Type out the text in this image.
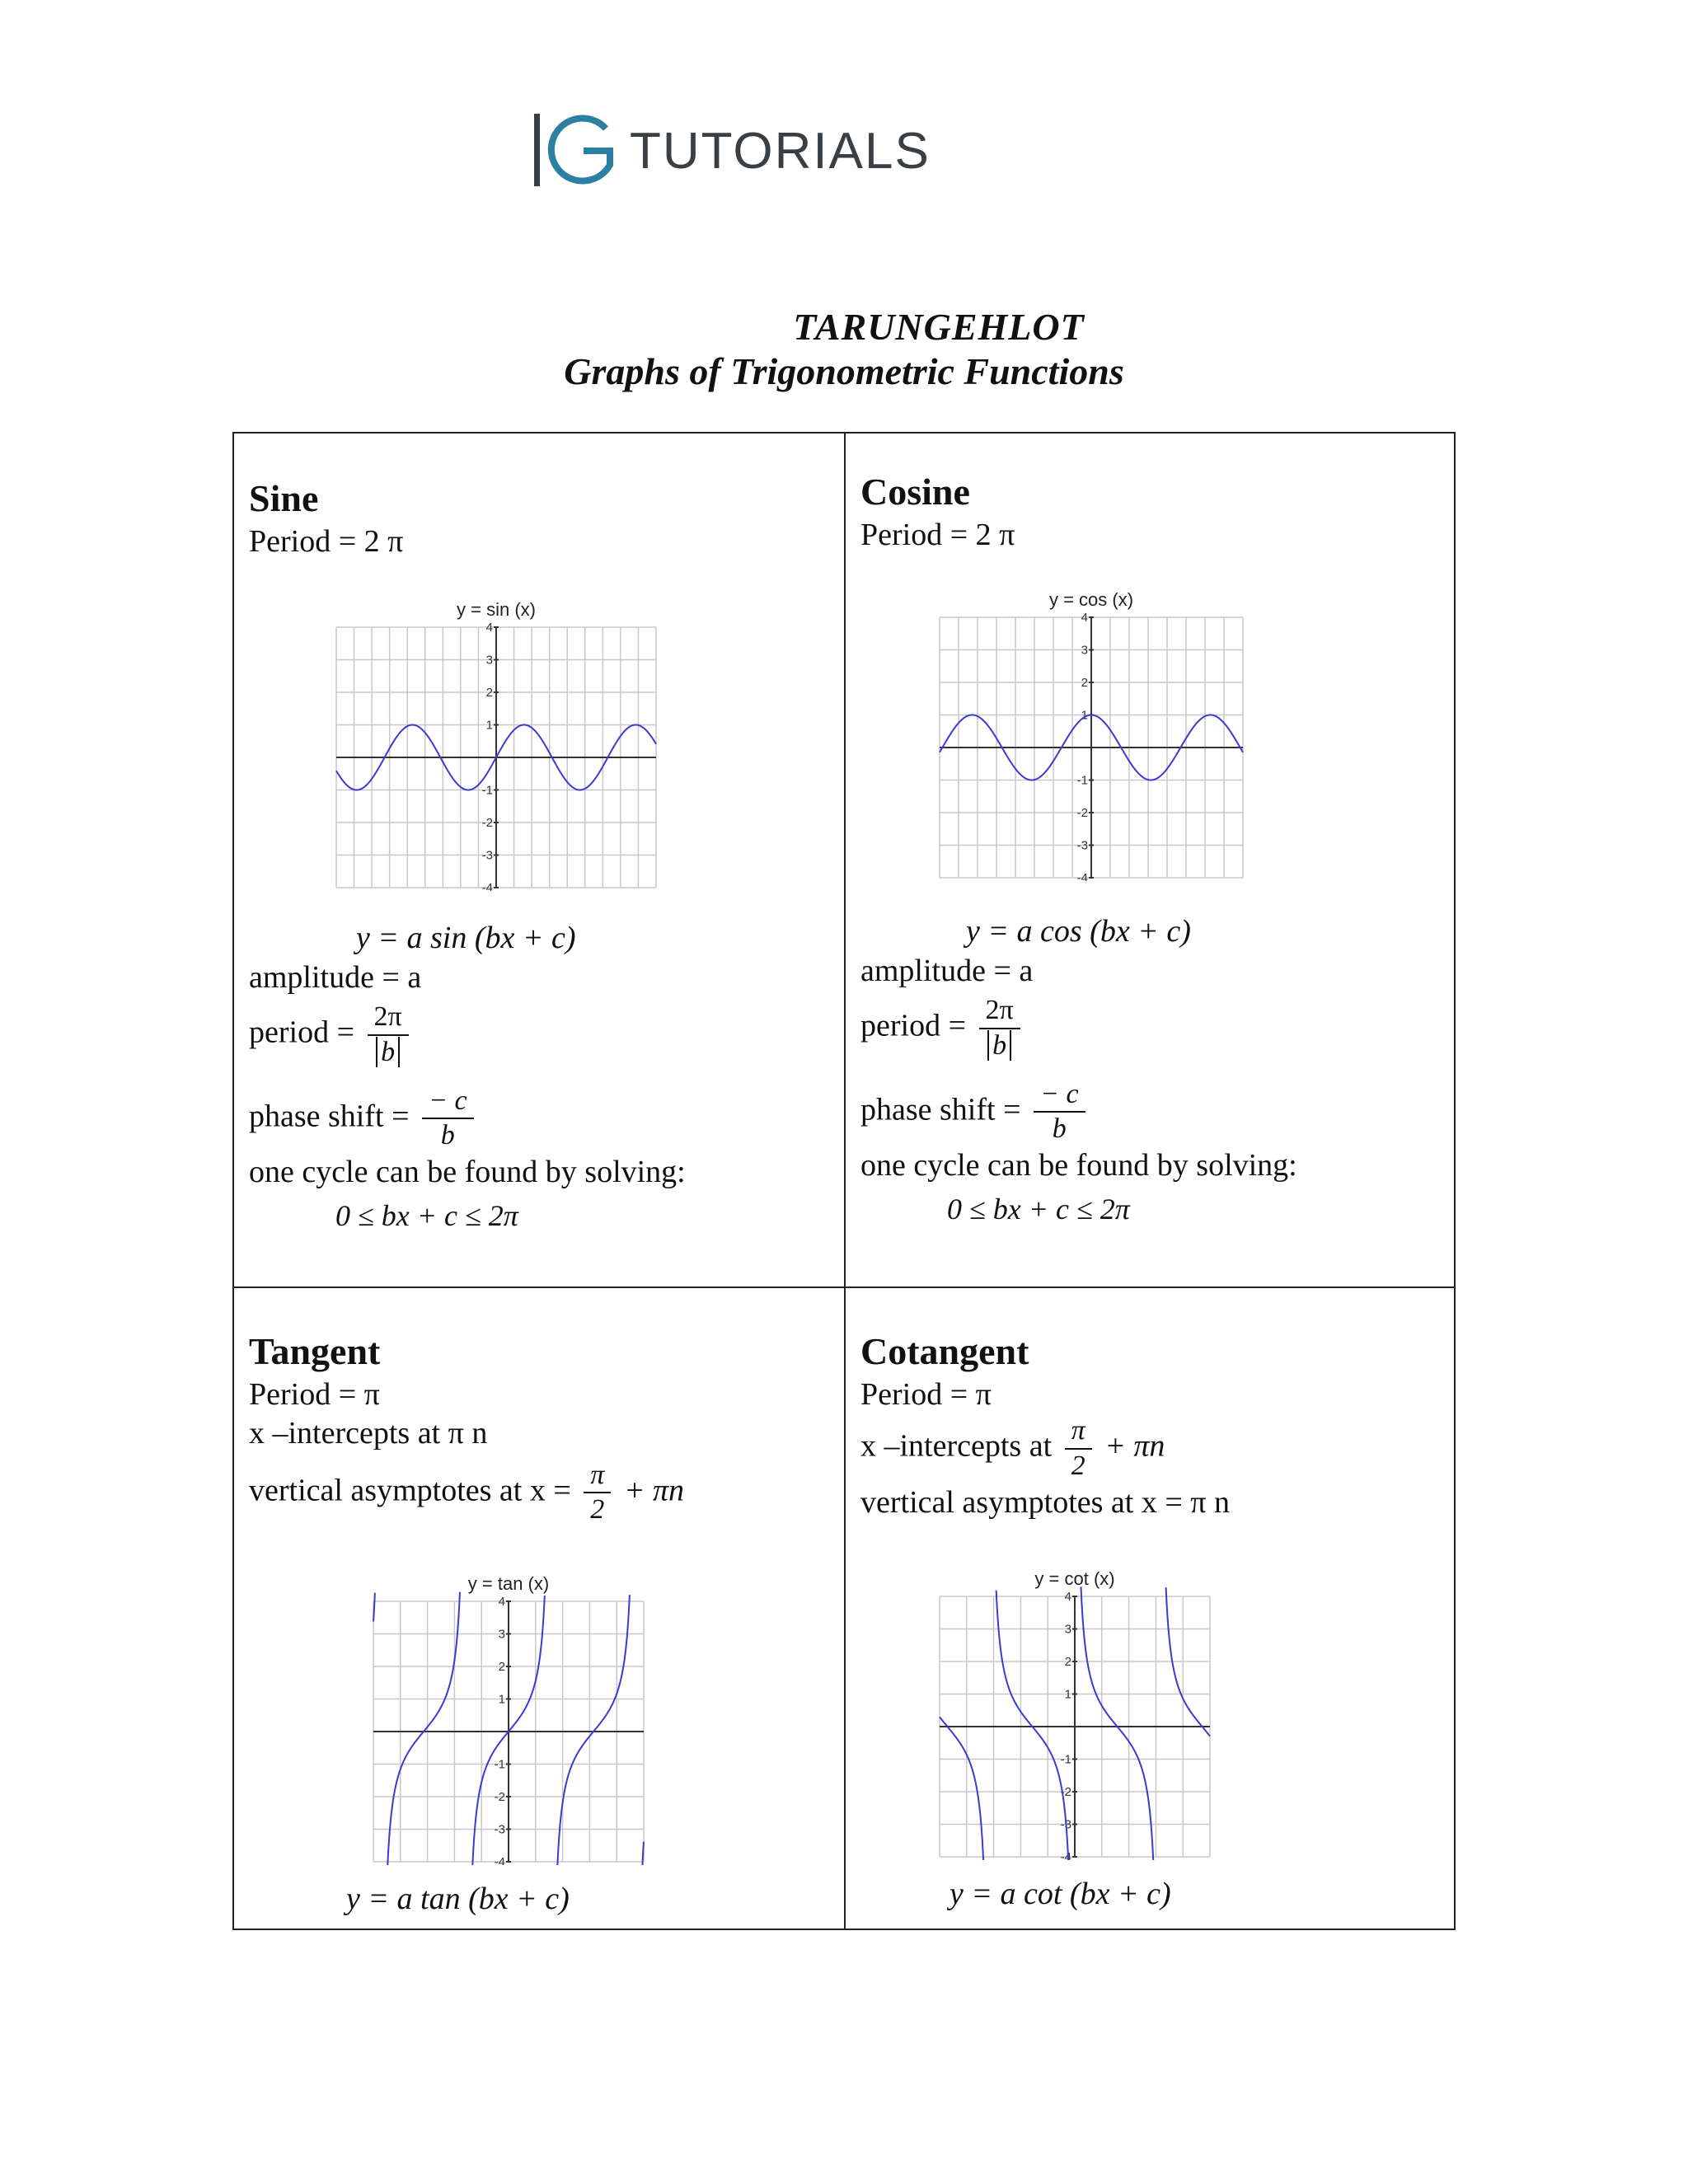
TUTORIALS
TARUNGEHLOT
Graphs of Trigonometric Functions
Sine
Period = 2 π
y = sin (x)
4
3
2
1
-1
-2
-3
-4
y = a sin (bx + c)
amplitude = a
period = $\frac{2\pi}{b}$
phase shift = $\frac{- c}{b}$
one cycle can be found by solving:
0 ≤ bx + c ≤ 2π
Cosine
Period = 2 π
y = cos (x)
4
3
2
1
-1
-2
-3
-4
y = a cos (bx + c)
amplitude = a
period = $\frac{2\pi}{b}$
phase shift = $\frac{- c}{b}$
one cycle can be found by solving:
0 ≤ bx + c ≤ 2π
Tangent
Period = π
x –intercepts at π n
vertical asymptotes at $x = \frac{\pi}{2} + \pi n$
y = tan (x)
4
3
2
1
-1
-2
-3
-4
y = a tan (bx + c)
Cotangent
Period = π
x –intercepts at $\frac{\pi}{2} + \pi n$
vertical asymptotes at x = π n
y = cot (x)
4
3
2
1
-1
-2
-3
-4
y = a cot (bx + c)
